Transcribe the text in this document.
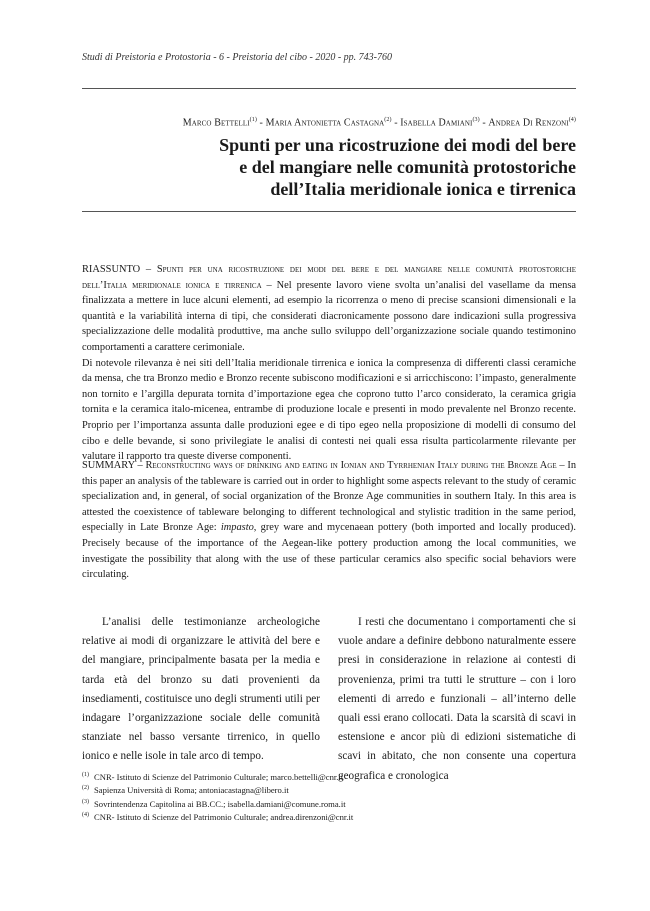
Studi di Preistoria e Protostoria - 6 - Preistoria del cibo - 2020 - pp. 743-760
Marco Bettelli$^{(1)}$ - Maria Antonietta Castagna$^{(2)}$ - Isabella Damiani$^{(3)}$ - Andrea Di Renzoni$^{(4)}$
Spunti per una ricostruzione dei modi del bere
e del mangiare nelle comunità protostoriche
dell’Italia meridionale ionica e tirrenica

RIASSUNTO – Spunti per una ricostruzione dei modi del bere e del mangiare nelle comunità protostoriche dell’Italia meridionale ionica e tirrenica – Nel presente lavoro viene svolta un’analisi del vasellame da mensa finalizzata a mettere in luce alcuni elementi, ad esempio la ricorrenza o meno di precise scansioni dimensionali e la quantità e la variabilità interna di tipi, che considerati diacronicamente possono dare indicazioni sulla progressiva specializzazione delle modalità produttive, ma anche sullo sviluppo dell’organizzazione sociale quando testimonino comportamenti a carattere cerimoniale.

Di notevole rilevanza è nei siti dell’Italia meridionale tirrenica e ionica la compresenza di differenti classi ceramiche da mensa, che tra Bronzo medio e Bronzo recente subiscono modificazioni e si arricchiscono: l’impasto, generalmente non tornito e l’argilla depurata tornita d’importazione egea che coprono tutto l’arco considerato, la ceramica grigia tornita e la ceramica italo-micenea, entrambe di produzione locale e presenti in modo prevalente nel Bronzo recente. Proprio per l’importanza assunta dalle produzioni egee e di tipo egeo nella proposizione di modelli di consumo del cibo e delle bevande, si sono privilegiate le analisi di contesti nei quali essa risulta particolarmente rilevante per valutare il rapporto tra queste diverse componenti.

SUMMARY – Reconstructing ways of drinking and eating in Ionian and Tyrrhenian Italy during the Bronze Age – In this paper an analysis of the tableware is carried out in order to highlight some aspects relevant to the study of ceramic specialization and, in general, of social organization of the Bronze Age communities in southern Italy. In this area is attested the coexistence of tableware belonging to different technological and stylistic tradition in the same period, especially in Late Bronze Age: impasto, grey ware and mycenaean pottery (both imported and locally produced). Precisely because of the importance of the Aegean-like pottery production among the local communities, we investigate the possibility that along with the use of these particular ceramics also specific social behaviors were circulating.

L’analisi delle testimonianze archeologiche relative ai modi di organizzare le attività del bere e del mangiare, principalmente basata per la media e tarda età del bronzo su dati provenienti da insediamenti, costituisce uno degli strumenti utili per indagare l’organizzazione sociale delle comunità stanziate nel basso versante tirrenico, in quello ionico e nelle isole in tale arco di tempo.

I resti che documentano i comportamenti che si vuole andare a definire debbono naturalmente essere presi in considerazione in relazione ai contesti di provenienza, primi tra tutti le strutture – con i loro elementi di arredo e funzionali – all’interno delle quali essi erano collocati. Data la scarsità di scavi in estensione e ancor più di edizioni sistematiche di scavi in abitato, che non consente una copertura geografica e cronologica

(1) CNR- Istituto di Scienze del Patrimonio Culturale; marco.bettelli@cnr.it
(2) Sapienza Università di Roma; antoniacastagna@libero.it
(3) Sovrintendenza Capitolina ai BB.CC.; isabella.damiani@comune.roma.it
(4) CNR- Istituto di Scienze del Patrimonio Culturale; andrea.direnzoni@cnr.it
